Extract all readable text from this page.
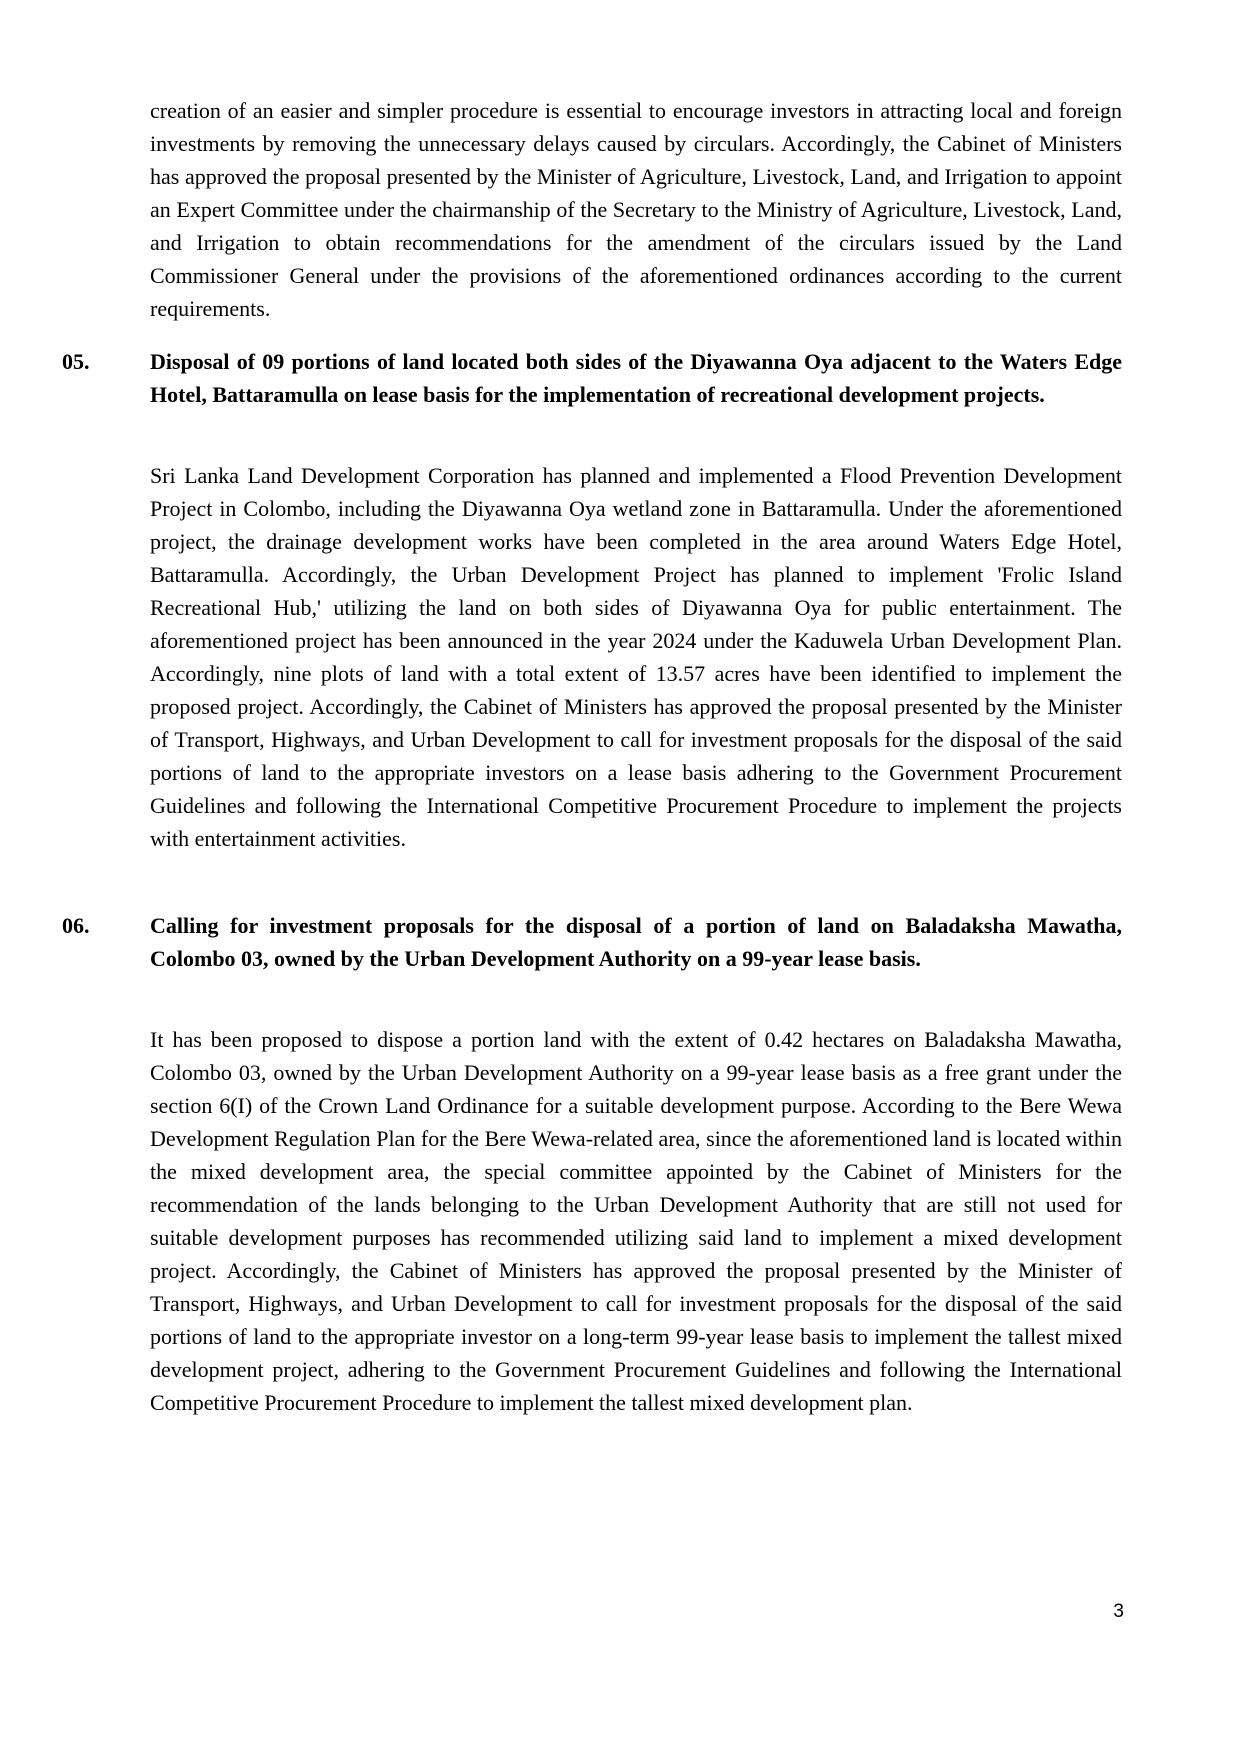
creation of an easier and simpler procedure is essential to encourage investors in attracting local and foreign investments by removing the unnecessary delays caused by circulars. Accordingly, the Cabinet of Ministers has approved the proposal presented by the Minister of Agriculture, Livestock, Land, and Irrigation to appoint an Expert Committee under the chairmanship of the Secretary to the Ministry of Agriculture, Livestock, Land, and Irrigation to obtain recommendations for the amendment of the circulars issued by the Land Commissioner General under the provisions of the aforementioned ordinances according to the current requirements.

05.	Disposal of 09 portions of land located both sides of the Diyawanna Oya adjacent to the Waters Edge Hotel, Battaramulla on lease basis for the implementation of recreational development projects.

Sri Lanka Land Development Corporation has planned and implemented a Flood Prevention Development Project in Colombo, including the Diyawanna Oya wetland zone in Battaramulla. Under the aforementioned project, the drainage development works have been completed in the area around Waters Edge Hotel, Battaramulla. Accordingly, the Urban Development Project has planned to implement 'Frolic Island Recreational Hub,' utilizing the land on both sides of Diyawanna Oya for public entertainment. The aforementioned project has been announced in the year 2024 under the Kaduwela Urban Development Plan. Accordingly, nine plots of land with a total extent of 13.57 acres have been identified to implement the proposed project. Accordingly, the Cabinet of Ministers has approved the proposal presented by the Minister of Transport, Highways, and Urban Development to call for investment proposals for the disposal of the said portions of land to the appropriate investors on a lease basis adhering to the Government Procurement Guidelines and following the International Competitive Procurement Procedure to implement the projects with entertainment activities.

06.	Calling for investment proposals for the disposal of a portion of land on Baladaksha Mawatha, Colombo 03, owned by the Urban Development Authority on a 99-year lease basis.

It has been proposed to dispose a portion land with the extent of 0.42 hectares on Baladaksha Mawatha, Colombo 03, owned by the Urban Development Authority on a 99-year lease basis as a free grant under the section 6(I) of the Crown Land Ordinance for a suitable development purpose. According to the Bere Wewa Development Regulation Plan for the Bere Wewa-related area, since the aforementioned land is located within the mixed development area, the special committee appointed by the Cabinet of Ministers for the recommendation of the lands belonging to the Urban Development Authority that are still not used for suitable development purposes has recommended utilizing said land to implement a mixed development project. Accordingly, the Cabinet of Ministers has approved the proposal presented by the Minister of Transport, Highways, and Urban Development to call for investment proposals for the disposal of the said portions of land to the appropriate investor on a long-term 99-year lease basis to implement the tallest mixed development project, adhering to the Government Procurement Guidelines and following the International Competitive Procurement Procedure to implement the tallest mixed development plan.

3
